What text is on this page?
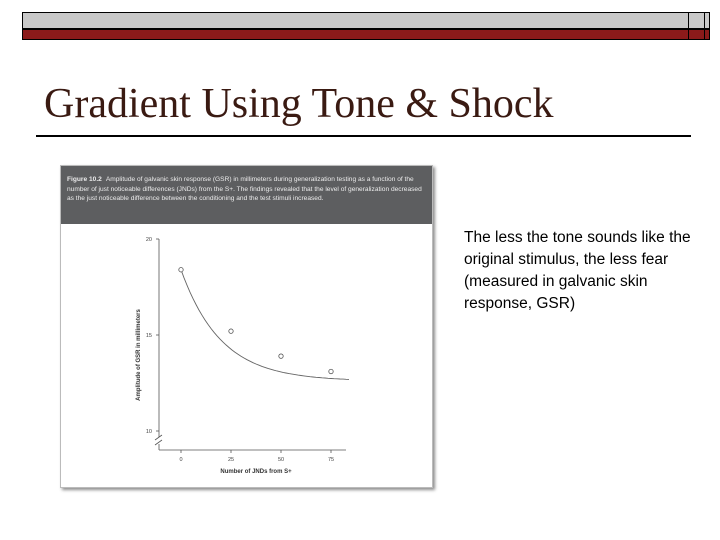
Gradient Using Tone & Shock
Figure 10.2 Amplitude of galvanic skin response (GSR) in millimeters during generalization testing as a function of the number of just noticeable differences (JNDs) from the S+. The findings revealed that the level of generalization decreased as the just noticeable difference between the conditioning and the test stimuli increased.
10
15
20
0	25	50	75
Number of JNDs from S+
Amplitude of GSR in millimeters
The less the tone sounds like the original stimulus, the less fear (measured in galvanic skin response, GSR)
